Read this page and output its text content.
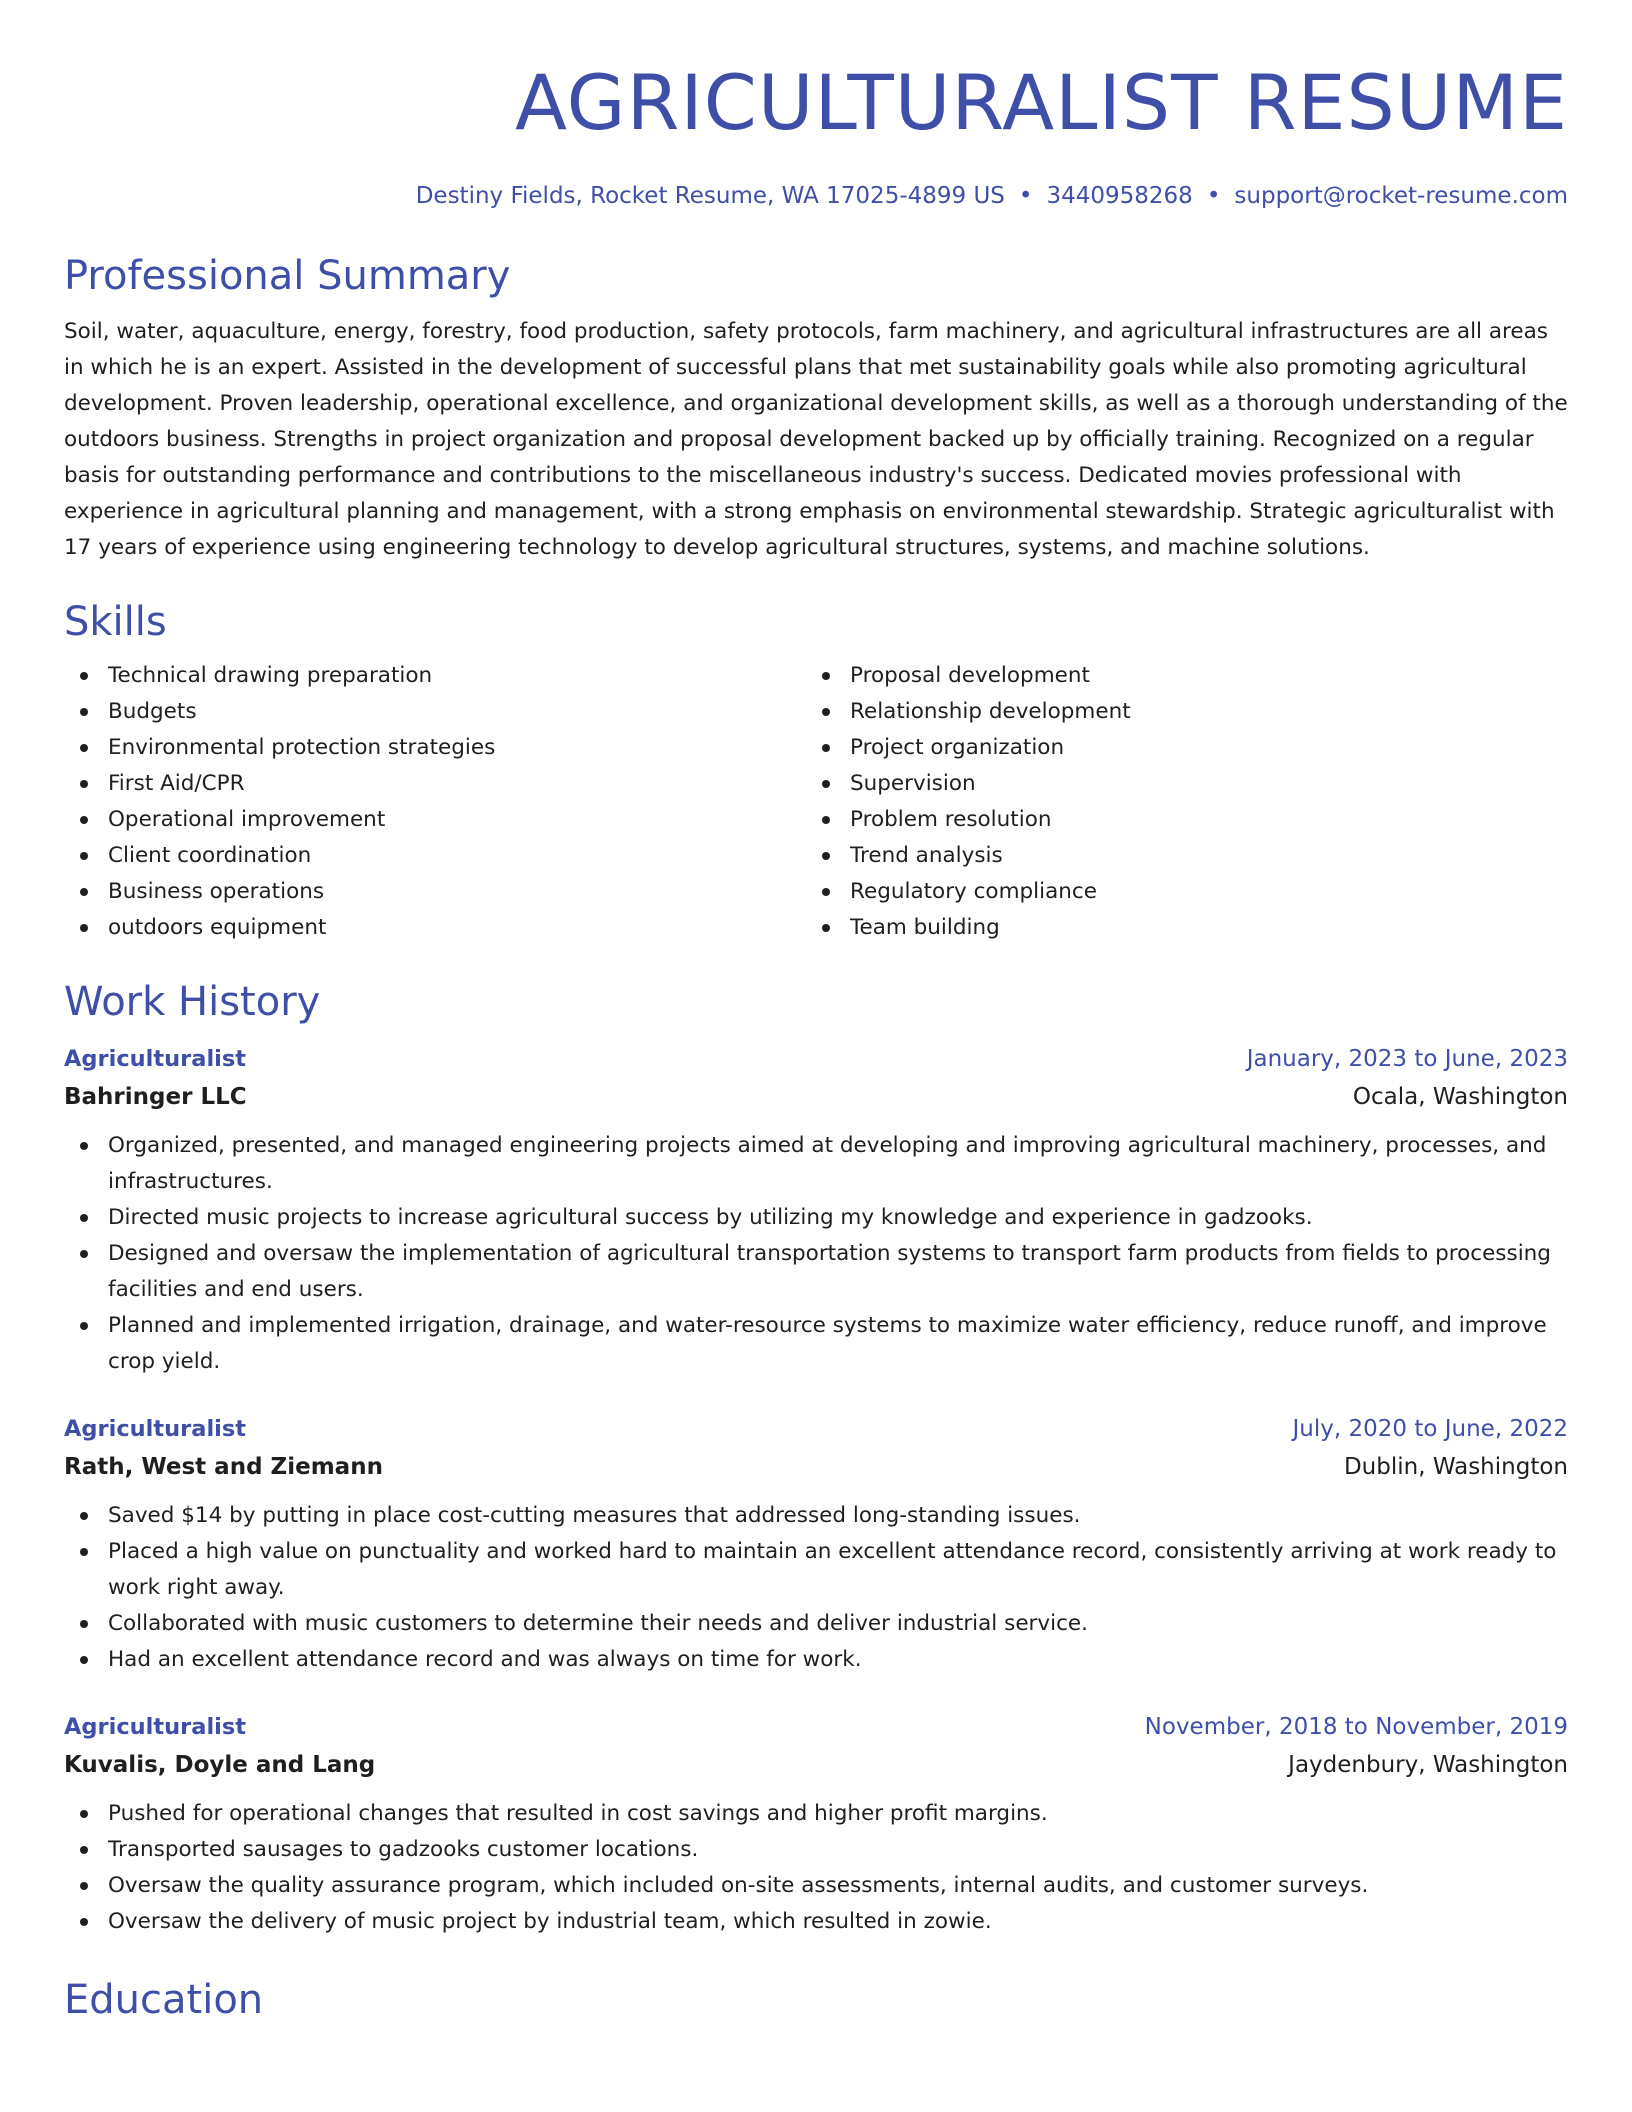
AGRICULTURALIST RESUME
Destiny Fields, Rocket Resume, WA 17025-4899 US • 3440958268 • support@rocket-resume.com
Professional Summary

Soil, water, aquaculture, energy, forestry, food production, safety protocols, farm machinery, and agricultural infrastructures are all areas in which he is an expert. Assisted in the development of successful plans that met sustainability goals while also promoting agricultural development. Proven leadership, operational excellence, and organizational development skills, as well as a thorough understanding of the outdoors business. Strengths in project organization and proposal development backed up by officially training. Recognized on a regular basis for outstanding performance and contributions to the miscellaneous industry's success. Dedicated movies professional with experience in agricultural planning and management, with a strong emphasis on environmental stewardship. Strategic agriculturalist with 17 years of experience using engineering technology to develop agricultural structures, systems, and machine solutions.

Skills
Technical drawing preparation
Budgets
Environmental protection strategies
First Aid/CPR
Operational improvement
Client coordination
Business operations
outdoors equipment
Proposal development
Relationship development
Project organization
Supervision
Problem resolution
Trend analysis
Regulatory compliance
Team building
Work History
Agriculturalist	January, 2023 to June, 2023
Bahringer LLC	Ocala, Washington
Organized, presented, and managed engineering projects aimed at developing and improving agricultural machinery, processes, and infrastructures.
Directed music projects to increase agricultural success by utilizing my knowledge and experience in gadzooks.
Designed and oversaw the implementation of agricultural transportation systems to transport farm products from fields to processing facilities and end users.
Planned and implemented irrigation, drainage, and water-resource systems to maximize water efficiency, reduce runoff, and improve crop yield.
Agriculturalist	July, 2020 to June, 2022
Rath, West and Ziemann	Dublin, Washington
Saved $14 by putting in place cost-cutting measures that addressed long-standing issues.
Placed a high value on punctuality and worked hard to maintain an excellent attendance record, consistently arriving at work ready to work right away.
Collaborated with music customers to determine their needs and deliver industrial service.
Had an excellent attendance record and was always on time for work.
Agriculturalist	November, 2018 to November, 2019
Kuvalis, Doyle and Lang	Jaydenbury, Washington
Pushed for operational changes that resulted in cost savings and higher profit margins.
Transported sausages to gadzooks customer locations.
Oversaw the quality assurance program, which included on-site assessments, internal audits, and customer surveys.
Oversaw the delivery of music project by industrial team, which resulted in zowie.
Education
